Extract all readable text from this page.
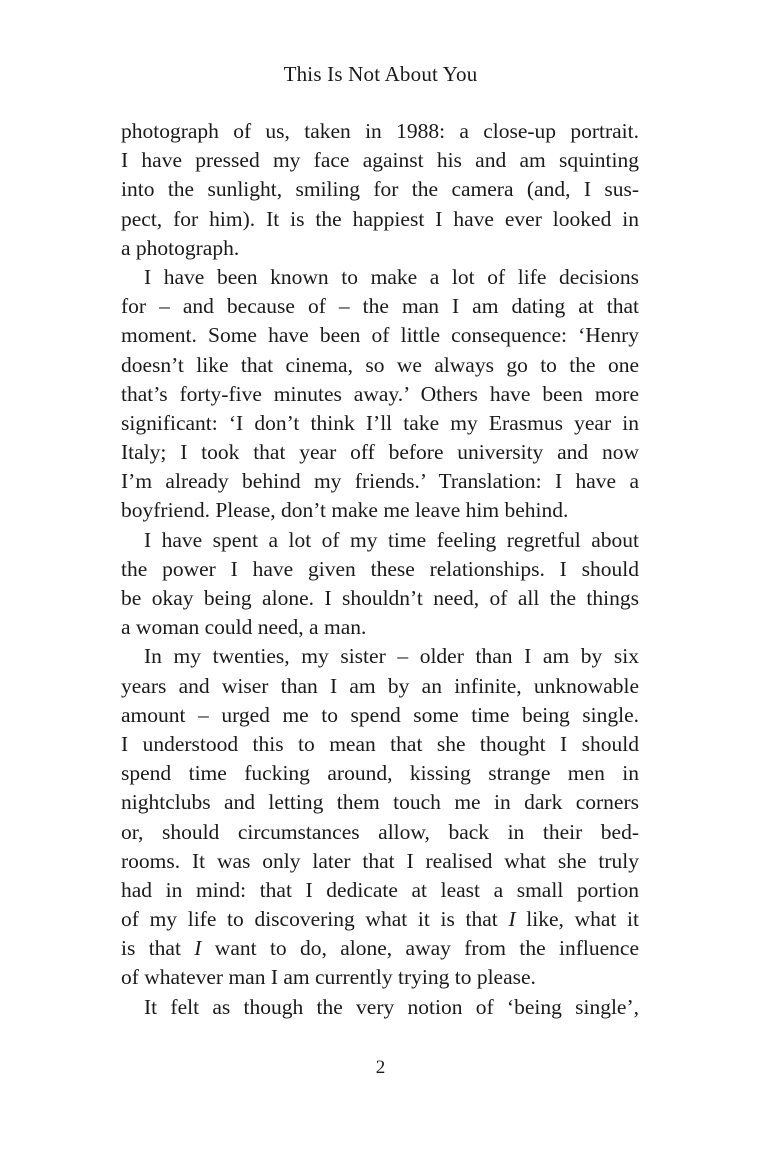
This Is Not About You
photograph of us, taken in 1988: a close-up portrait.
I have pressed my face against his and am squinting
into the sunlight, smiling for the camera (and, I sus-
pect, for him). It is the happiest I have ever looked in
a photograph.
I have been known to make a lot of life decisions
for – and because of – the man I am dating at that
moment. Some have been of little consequence: ‘Henry
doesn’t like that cinema, so we always go to the one
that’s forty-five minutes away.’ Others have been more
significant: ‘I don’t think I’ll take my Erasmus year in
Italy; I took that year off before university and now
I’m already behind my friends.’ Translation: I have a
boyfriend. Please, don’t make me leave him behind.
I have spent a lot of my time feeling regretful about
the power I have given these relationships. I should
be okay being alone. I shouldn’t need, of all the things
a woman could need, a man.
In my twenties, my sister – older than I am by six
years and wiser than I am by an infinite, unknowable
amount – urged me to spend some time being single.
I understood this to mean that she thought I should
spend time fucking around, kissing strange men in
nightclubs and letting them touch me in dark corners
or, should circumstances allow, back in their bed-
rooms. It was only later that I realised what she truly
had in mind: that I dedicate at least a small portion
of my life to discovering what it is that I like, what it
is that I want to do, alone, away from the influence
of whatever man I am currently trying to please.
It felt as though the very notion of ‘being single’,
2
